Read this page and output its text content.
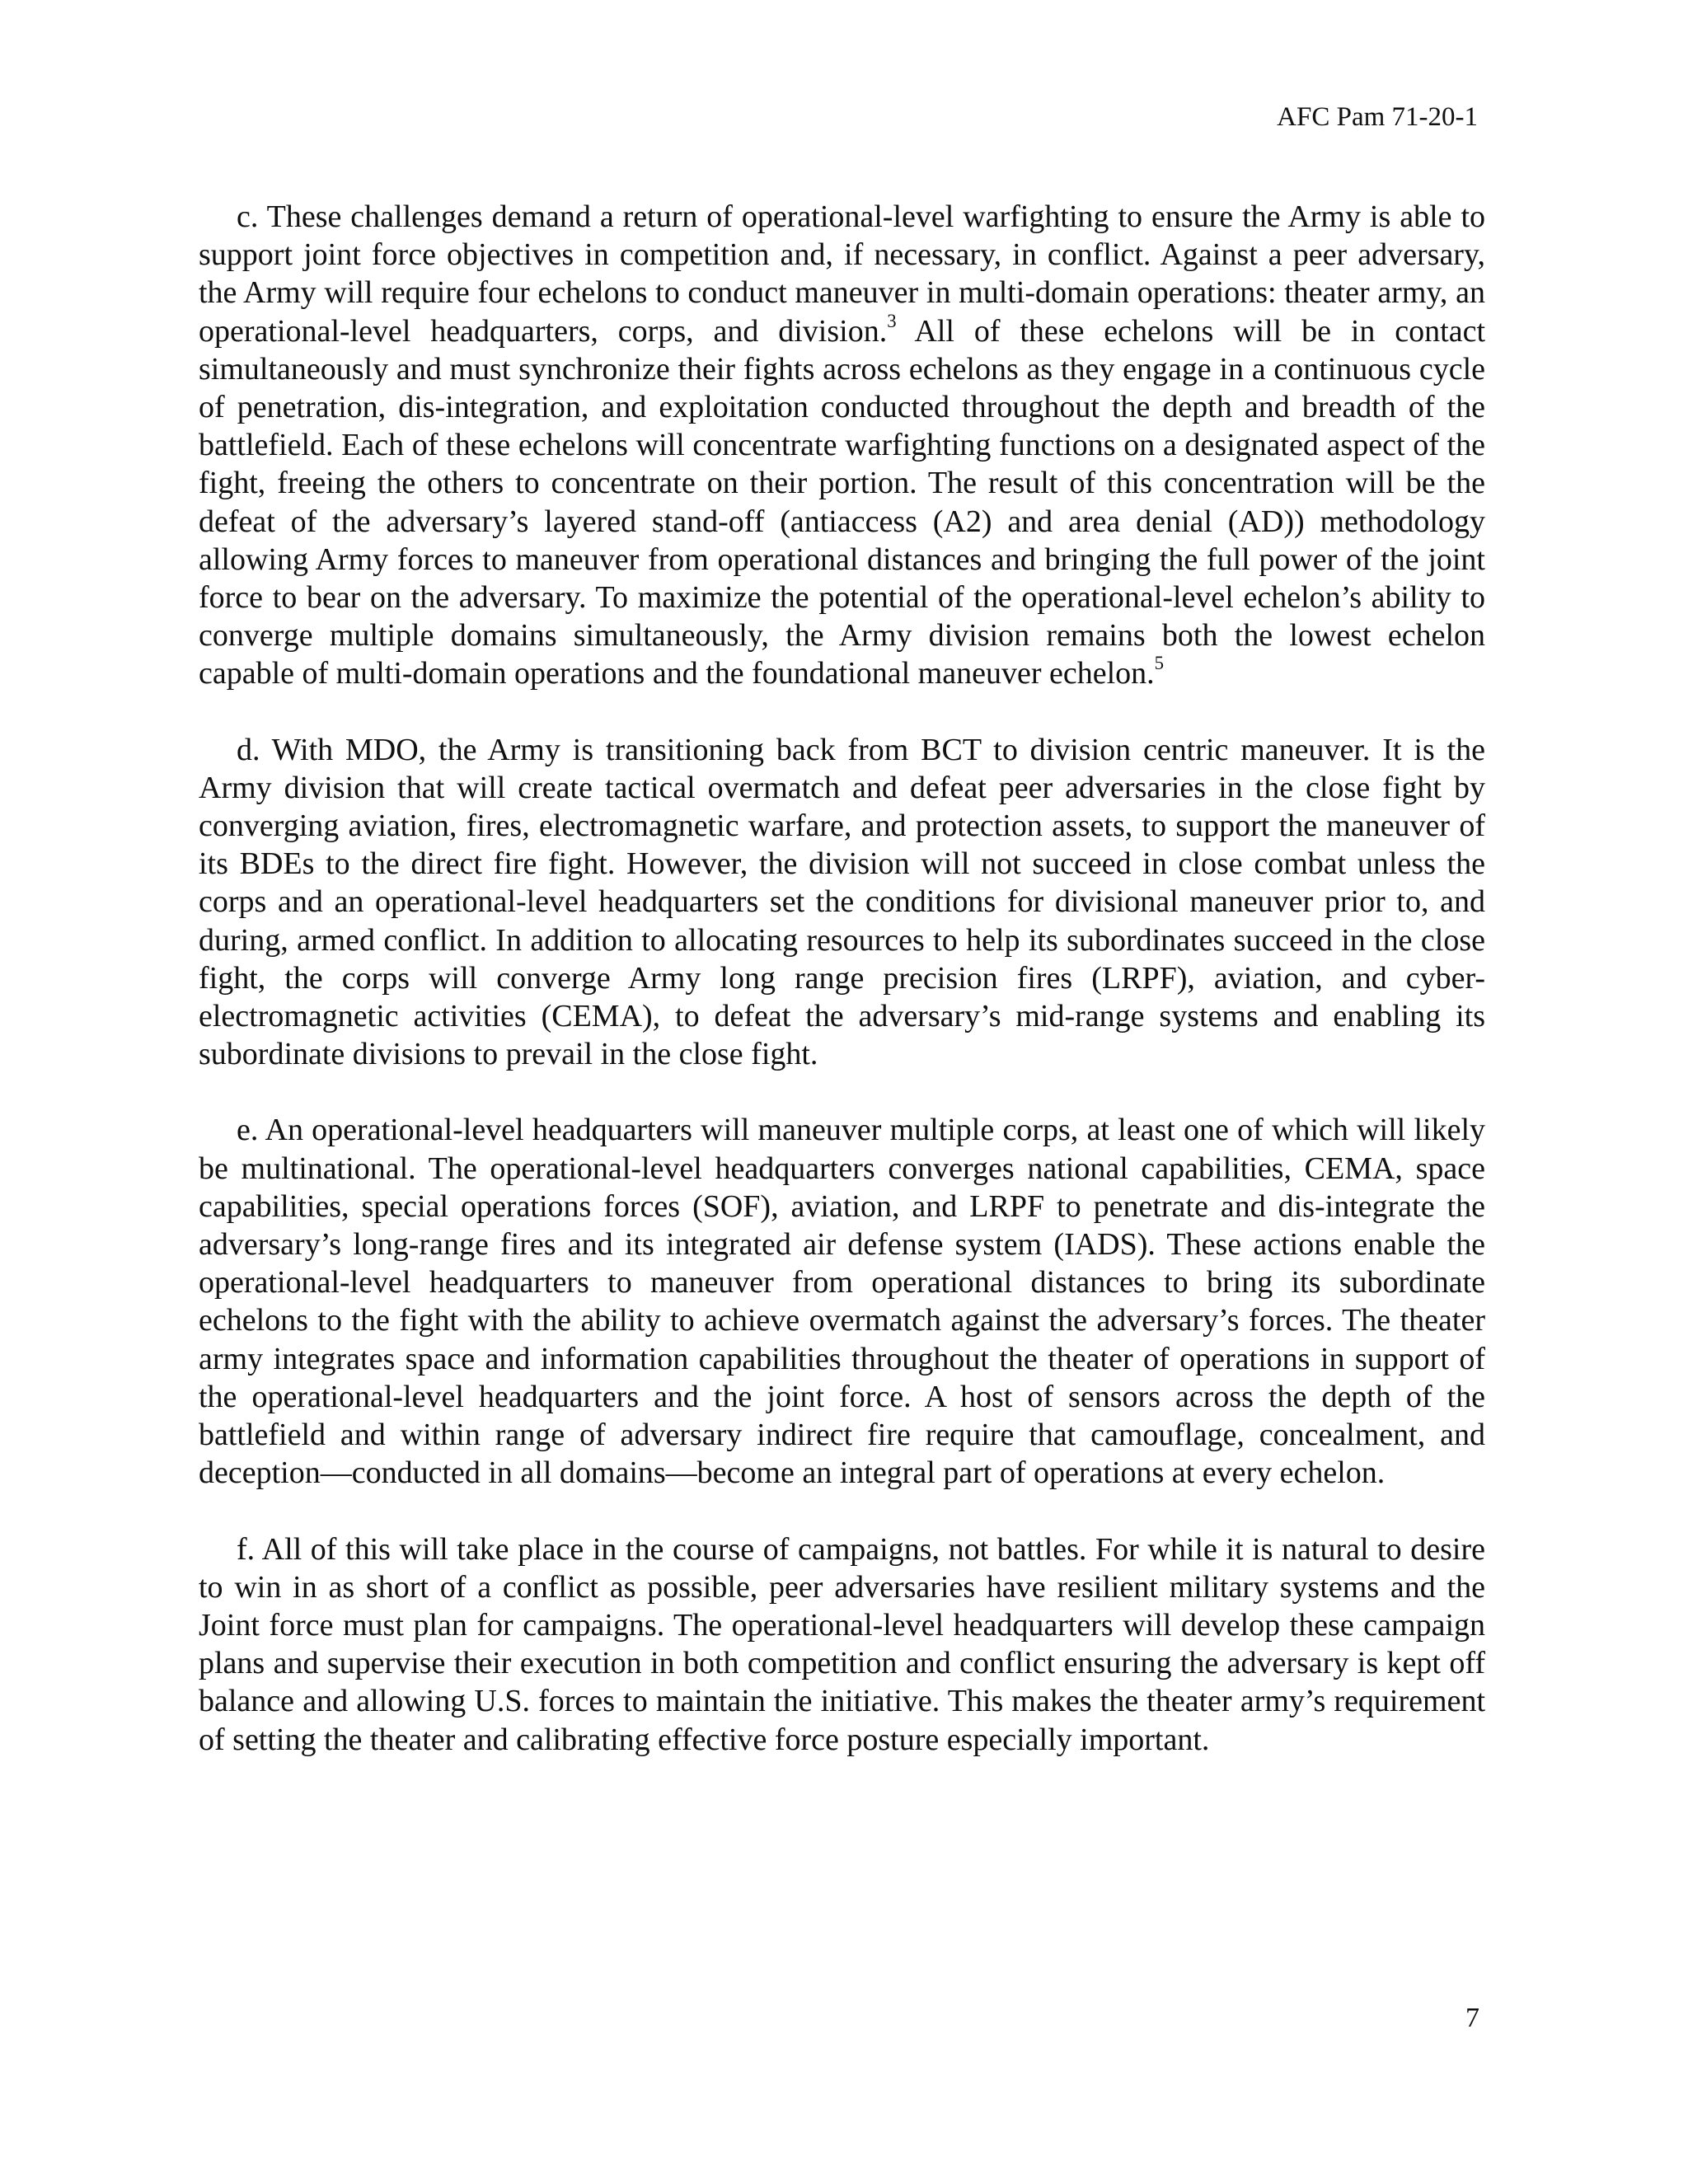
AFC Pam 71-20-1

c. These challenges demand a return of operational-level warfighting to ensure the Army is able to support joint force objectives in competition and, if necessary, in conflict. Against a peer adversary, the Army will require four echelons to conduct maneuver in multi-domain operations: theater army, an operational-level headquarters, corps, and division.$^3$ All of these echelons will be in contact simultaneously and must synchronize their fights across echelons as they engage in a continuous cycle of penetration, dis-integration, and exploitation conducted throughout the depth and breadth of the battlefield. Each of these echelons will concentrate warfighting functions on a designated aspect of the fight, freeing the others to concentrate on their portion. The result of this concentration will be the defeat of the adversary’s layered stand-off (antiaccess (A2) and area denial (AD)) methodology allowing Army forces to maneuver from operational distances and bringing the full power of the joint force to bear on the adversary. To maximize the potential of the operational-level echelon’s ability to converge multiple domains simultaneously, the Army division remains both the lowest echelon capable of multi-domain operations and the foundational maneuver echelon.$^5$

d. With MDO, the Army is transitioning back from BCT to division centric maneuver. It is the Army division that will create tactical overmatch and defeat peer adversaries in the close fight by converging aviation, fires, electromagnetic warfare, and protection assets, to support the maneuver of its BDEs to the direct fire fight. However, the division will not succeed in close combat unless the corps and an operational-level headquarters set the conditions for divisional maneuver prior to, and during, armed conflict. In addition to allocating resources to help its subordinates succeed in the close fight, the corps will converge Army long range precision fires (LRPF), aviation, and cyber-electromagnetic activities (CEMA), to defeat the adversary’s mid-range systems and enabling its subordinate divisions to prevail in the close fight.

e. An operational-level headquarters will maneuver multiple corps, at least one of which will likely be multinational. The operational-level headquarters converges national capabilities, CEMA, space capabilities, special operations forces (SOF), aviation, and LRPF to penetrate and dis-integrate the adversary’s long-range fires and its integrated air defense system (IADS). These actions enable the operational-level headquarters to maneuver from operational distances to bring its subordinate echelons to the fight with the ability to achieve overmatch against the adversary’s forces. The theater army integrates space and information capabilities throughout the theater of operations in support of the operational-level headquarters and the joint force. A host of sensors across the depth of the battlefield and within range of adversary indirect fire require that camouflage, concealment, and deception—conducted in all domains—become an integral part of operations at every echelon.

f. All of this will take place in the course of campaigns, not battles. For while it is natural to desire to win in as short of a conflict as possible, peer adversaries have resilient military systems and the Joint force must plan for campaigns. The operational-level headquarters will develop these campaign plans and supervise their execution in both competition and conflict ensuring the adversary is kept off balance and allowing U.S. forces to maintain the initiative. This makes the theater army’s requirement of setting the theater and calibrating effective force posture especially important.

7
